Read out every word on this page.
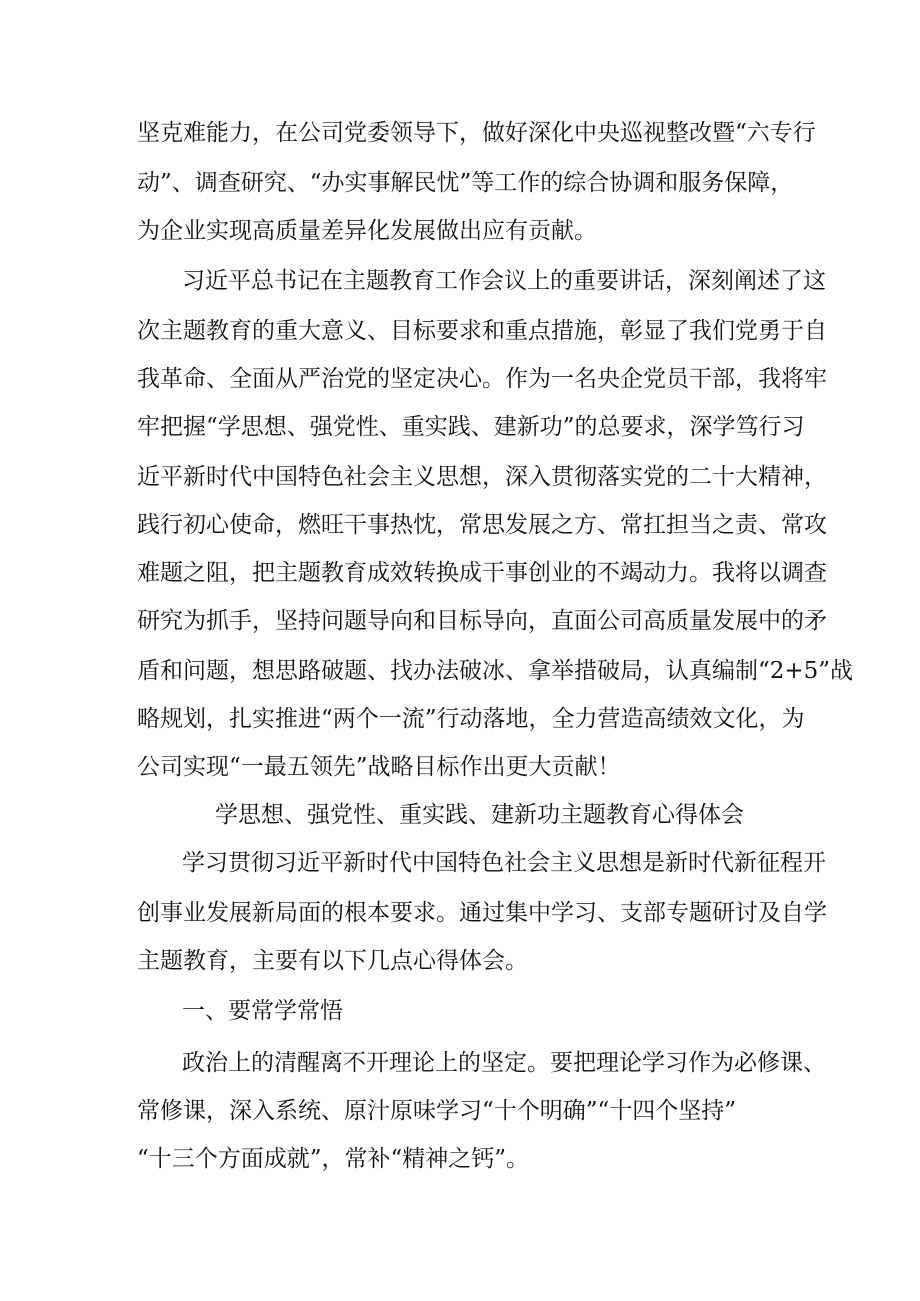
坚克难能力，在公司党委领导下，做好深化中央巡视整改暨“六专行
动”、调查研究、“办实事解民忧”等工作的综合协调和服务保障，
为企业实现高质量差异化发展做出应有贡献。
习近平总书记在主题教育工作会议上的重要讲话，深刻阐述了这
次主题教育的重大意义、目标要求和重点措施，彰显了我们党勇于自
我革命、全面从严治党的坚定决心。作为一名央企党员干部，我将牢
牢把握“学思想、强党性、重实践、建新功”的总要求，深学笃行习
近平新时代中国特色社会主义思想，深入贯彻落实党的二十大精神，
践行初心使命，燃旺干事热忱，常思发展之方、常扛担当之责、常攻
难题之阻，把主题教育成效转换成干事创业的不竭动力。我将以调查
研究为抓手，坚持问题导向和目标导向，直面公司高质量发展中的矛
盾和问题，想思路破题、找办法破冰、拿举措破局，认真编制“2+5”战
略规划，扎实推进“两个一流”行动落地，全力营造高绩效文化，为
公司实现“一最五领先”战略目标作出更大贡献！
学思想、强党性、重实践、建新功主题教育心得体会
学习贯彻习近平新时代中国特色社会主义思想是新时代新征程开
创事业发展新局面的根本要求。通过集中学习、支部专题研讨及自学
主题教育，主要有以下几点心得体会。
一、要常学常悟
政治上的清醒离不开理论上的坚定。要把理论学习作为必修课、
常修课，深入系统、原汁原味学习“十个明确”“十四个坚持”
“十三个方面成就”，常补“精神之钙”。
